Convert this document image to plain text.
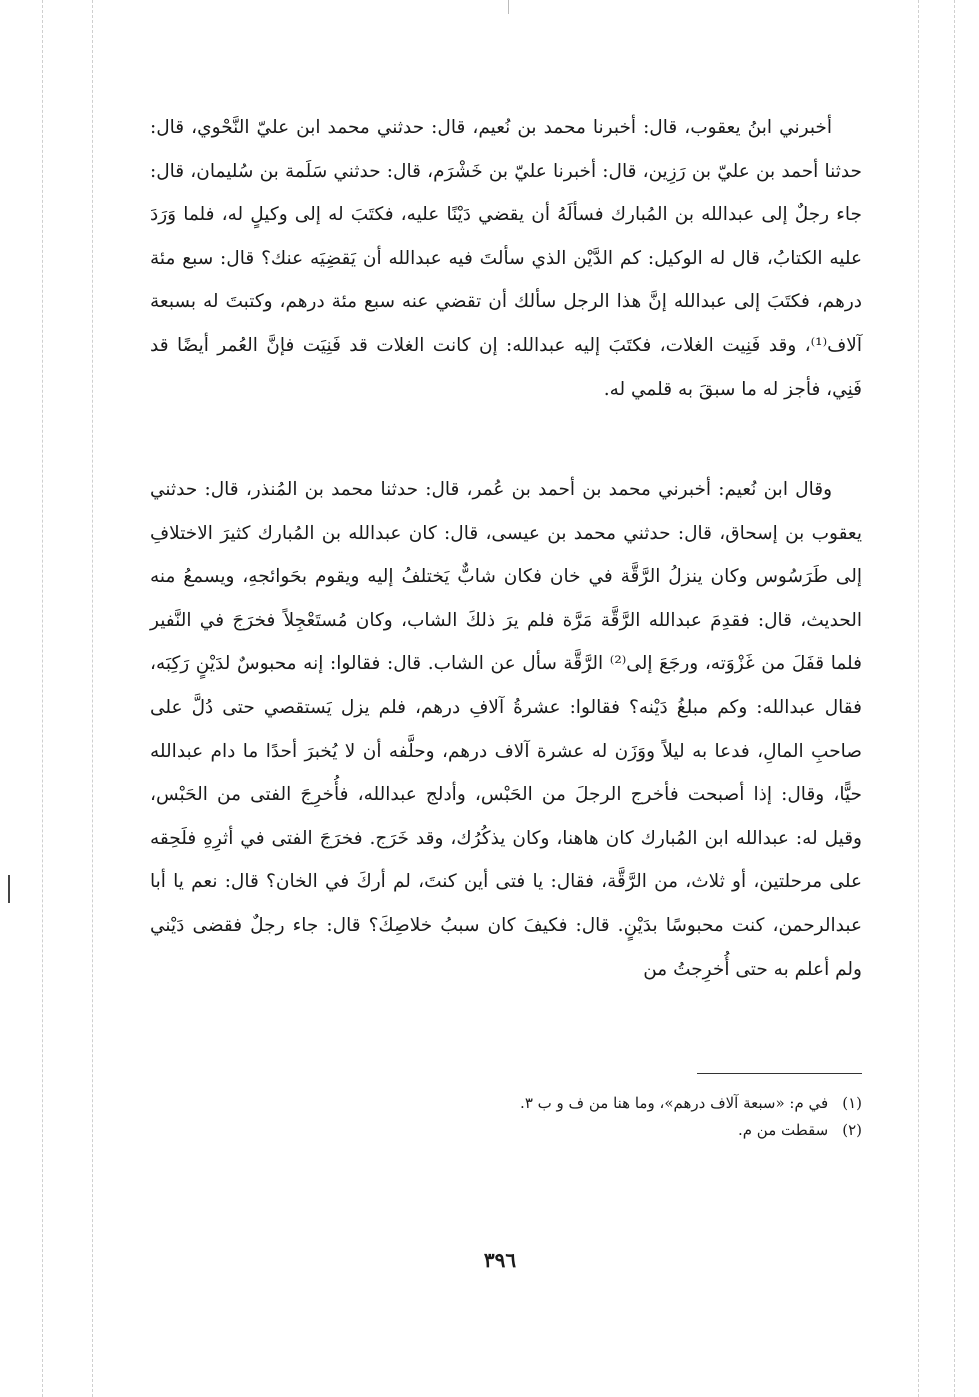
أخبرني ابنُ يعقوب، قال: أخبرنا محمد بن نُعيم، قال: حدثني محمد ابن عليّ النَّحْوي، قال: حدثنا أحمد بن عليّ بن رَزِين، قال: أخبرنا عليّ بن خَشْرَم، قال: حدثني سَلَمة بن سُليمان، قال: جاء رجلٌ إلى عبدالله بن المُبارك فسألَهُ أن يقضي دَيْنًا عليه، فكتَبَ له إلى وكيلٍ له، فلما وَرَدَ عليه الكتابُ، قال له الوكيل: كم الدَّيْن الذي سألتَ فيه عبدالله أن يَقضِيَه عنك؟ قال: سبع مئة درهم، فكتَبَ إلى عبدالله إنَّ هذا الرجل سألك أن تقضي عنه سبع مئة درهم، وكتبتَ له بسبعة آلاف⁽¹⁾، وقد فَنِيت الغلات، فكتَبَ إليه عبدالله: إن كانت الغلات قد فَنِيَت فإنَّ العُمر أيضًا قد فَنِي، فأجز له ما سبقَ به قلمي له.

وقال ابن نُعيم: أخبرني محمد بن أحمد بن عُمر، قال: حدثنا محمد بن المُنذر، قال: حدثني يعقوب بن إسحاق، قال: حدثني محمد بن عيسى، قال: كان عبدالله بن المُبارك كثيرَ الاختلافِ إلى طَرَسُوس وكان ينزلُ الرَّقَّة في خان فكان شابٌّ يَختلفُ إليه ويقوم بحَوائجهِ، ويسمعُ منه الحديث، قال: فقدِمَ عبدالله الرَّقَّة مَرَّة فلم يرَ ذلكَ الشاب، وكان مُستَعْجِلاً فخرَجَ في النَّفير فلما قفَلَ من غَزْوَته، ورجَعَ إلى⁽²⁾ الرَّقَّة سأل عن الشاب. قال: فقالوا: إنه محبوسٌ لدَيْنٍ رَكِبَه، فقال عبدالله: وكم مبلغُ دَيْنه؟ فقالوا: عشرةُ آلافِ درهم، فلم يزل يَستقصي حتى دُلَّ على صاحبِ المالِ، فدعا به ليلاً ووَزَن له عشرة آلاف درهم، وحلَّفه أن لا يُخبرَ أحدًا ما دام عبدالله حيًّا، وقال: إذا أصبحت فأخرج الرجلَ من الحَبْس، وأدلج عبدالله، فأُخرِجَ الفتى من الحَبْس، وقيل له: عبدالله ابن المُبارك كان هاهنا، وكان يذكُرُك، وقد خَرَج. فخرَجَ الفتى في أثرِهِ فلَحِقه على مرحلتين، أو ثلاث، من الرَّقَّة، فقال: يا فتى أين كنتَ، لم أركَ في الخان؟ قال: نعم يا أبا عبدالرحمن، كنت محبوسًا بدَيْنٍ. قال: فكيفَ كان سببُ خلاصِكَ؟ قال: جاء رجلٌ فقضى دَيْني ولم أعلم به حتى أُخرِجتُ من

(١)في م: «سبعة آلاف درهم»، وما هنا من ف و ب ٣.

(٢)سقطت من م.

٣٩٦
